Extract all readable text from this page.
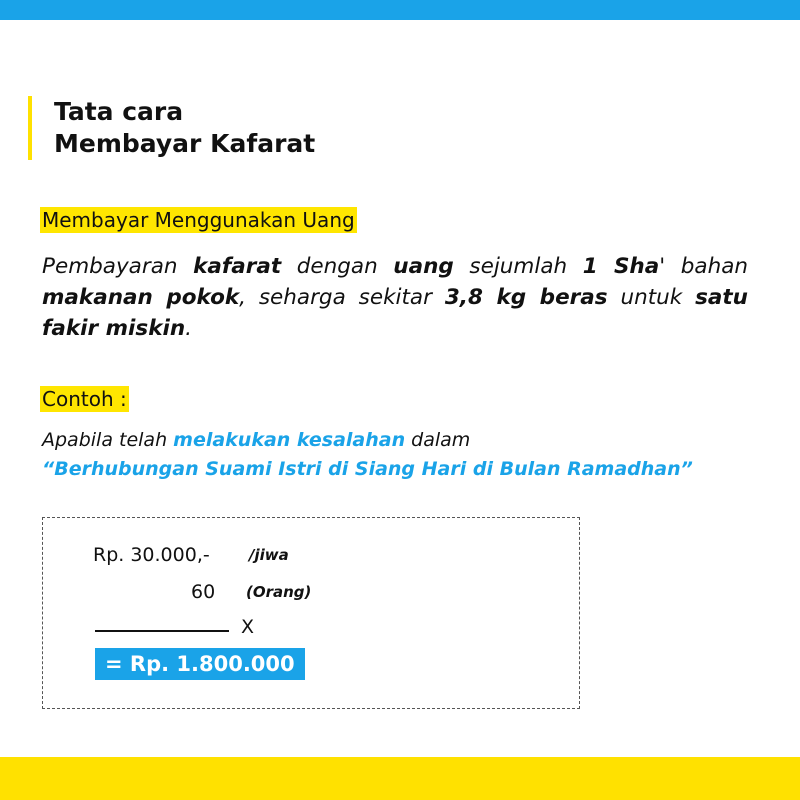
Tata cara
Membayar Kafarat
Membayar Menggunakan Uang
Pembayaran kafarat dengan uang sejumlah 1 Sha' bahan makanan pokok, seharga sekitar 3,8 kg beras untuk satu fakir miskin.
Contoh :
Apabila telah melakukan kesalahan dalam
“Berhubungan Suami Istri di Siang Hari di Bulan Ramadhan”
Rp. 30.000,-	/jiwa
60 (Orang)
X
= Rp. 1.800.000
